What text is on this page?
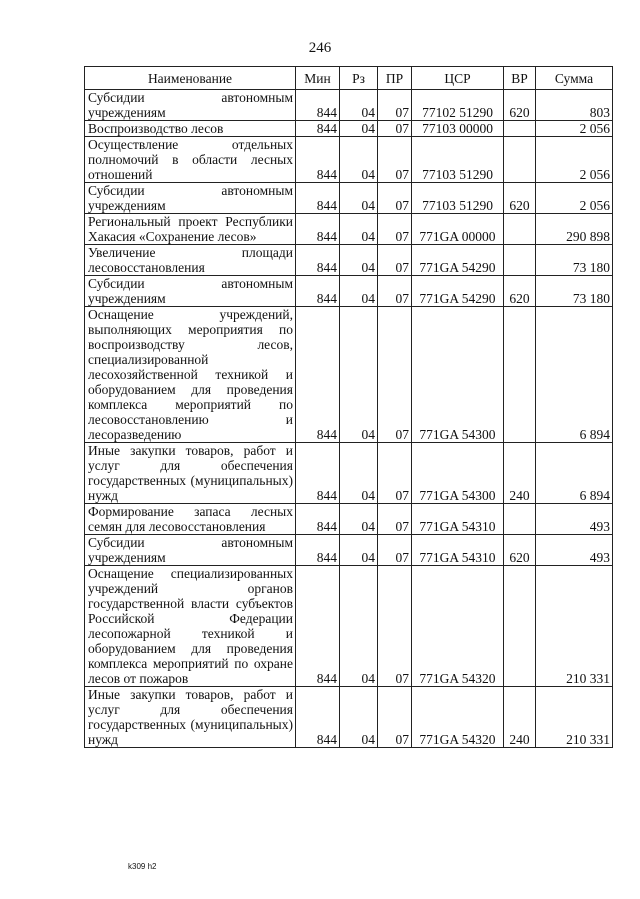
246
Наименование	Мин	Рз	ПР	ЦСР	ВР	Сумма
Субсидии автономным учреждениям	844	04	07	77102 51290	620	803
Воспроизводство лесов	844	04	07	77103 00000		2 056
Осуществление отдельных полномочий в области лесных отношений	844	04	07	77103 51290		2 056
Субсидии автономным учреждениям	844	04	07	77103 51290	620	2 056
Региональный проект Республики Хакасия «Сохранение лесов»	844	04	07	771GA 00000		290 898
Увеличение площади лесовосстановления	844	04	07	771GA 54290		73 180
Субсидии автономным учреждениям	844	04	07	771GA 54290	620	73 180
Оснащение учреждений, выполняющих мероприятия по воспроизводству лесов, специализированной лесохозяйственной техникой и оборудованием для проведения комплекса мероприятий по лесовосстановлению и лесоразведению	844	04	07	771GA 54300		6 894
Иные закупки товаров, работ и услуг для обеспечения государственных (муниципальных) нужд	844	04	07	771GA 54300	240	6 894
Формирование запаса лесных семян для лесовосстановления	844	04	07	771GA 54310		493
Субсидии автономным учреждениям	844	04	07	771GA 54310	620	493
Оснащение специализированных учреждений органов государственной власти субъектов Российской Федерации лесопожарной техникой и оборудованием для проведения комплекса мероприятий по охране лесов от пожаров	844	04	07	771GA 54320		210 331
Иные закупки товаров, работ и услуг для обеспечения государственных (муниципальных) нужд	844	04	07	771GA 54320	240	210 331
k309 h2
